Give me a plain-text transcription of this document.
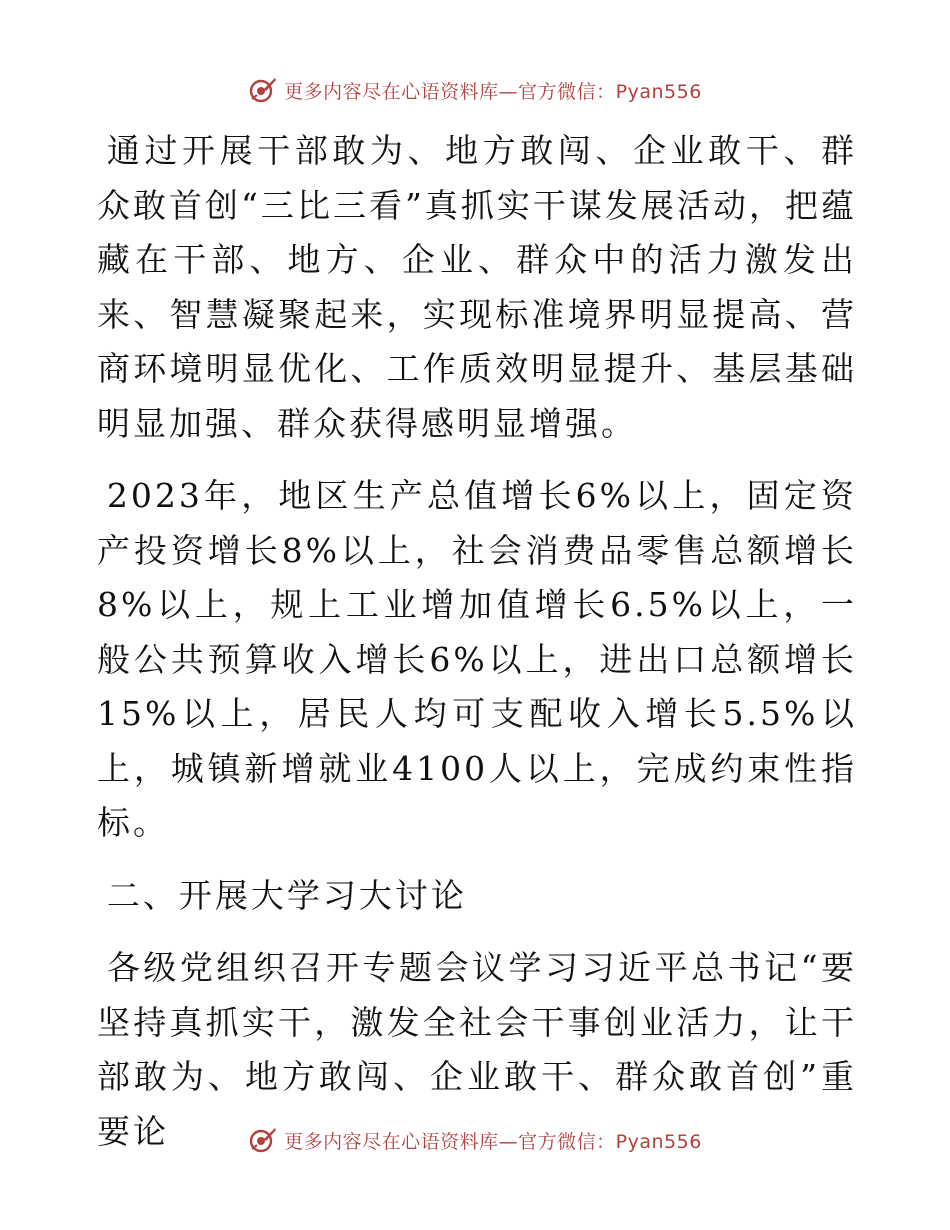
更多内容尽在心语资料库—官方微信：Pyan556

通过开展干部敢为、地方敢闯、企业敢干、群众敢首创“三比三看”真抓实干谋发展活动，把蕴藏在干部、地方、企业、群众中的活力激发出来、智慧凝聚起来，实现标准境界明显提高、营商环境明显优化、工作质效明显提升、基层基础明显加强、群众获得感明显增强。

2023年，地区生产总值增长6%以上，固定资产投资增长8%以上，社会消费品零售总额增长8%以上，规上工业增加值增长6.5%以上，一般公共预算收入增长6%以上，进出口总额增长15%以上，居民人均可支配收入增长5.5%以上，城镇新增就业4100人以上，完成约束性指标。

二、开展大学习大讨论

各级党组织召开专题会议学习习近平总书记“要坚持真抓实干，激发全社会干事创业活力，让干部敢为、地方敢闯、企业敢干、群众敢首创”重要论	更多内容尽在心语资料库—官方微信：Pyan556
